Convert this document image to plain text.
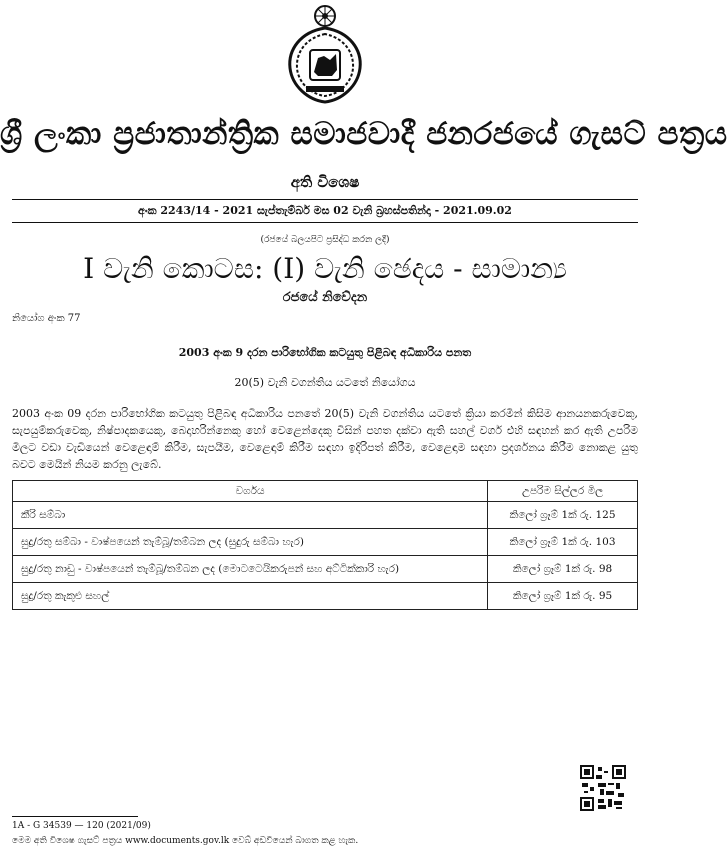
ශ්‍රී ලංකා ප්‍රජාතාන්ත්‍රික සමාජවාදී ජනරජයේ ගැසට් පත්‍රය
අති විශෙෂ
අංක 2243/14 - 2021 සැප්තැම්බර් මස 02 වැනි බ්‍රහස්පතින්දා - 2021.09.02
(රජයේ බලයපිට ප්‍රසිද්ධ කරන ලදී)
I වැනි කොටස: (I) වැනි ඡෙදය - සාමාන්‍ය
රජයේ නිවේදන
නියෝග අංක 77
2003 අංක 9 දරන පාරිභෝගික කටයුතු පිළිබඳ අධිකාරිය පනත
20(5) වැනි වගන්තිය යටතේ නියෝගය
2003 අංක 09 දරන පාරිභෝගික කටයුතු පිළිබඳ අධිකාරිය පනතේ 20(5) වැනි වගන්තිය යටතේ ක්‍රියා කරමින් කිසිම ආනයනකරුවෙකු, සැපයුම්කරුවෙකු, නිෂ්පාදකයෙකු, බෙදාහරින්නෙකු හෝ වෙළෙන්දෙකු විසින් පහත දක්වා ඇති සහල් වර්ග එහි සඳහන් කර ඇති උපරිම මිලට වඩා වැඩියෙන් වෙළෙඳාම් කිරීම, සැපයීම, වෙළෙඳාම් කිරීම සඳහා ඉදිරිපත් කිරීම, වෙළෙඳාම සඳහා ප්‍රදර්ශනය කිරීම නොකළ යුතු බවට මෙයින් නියම කරනු ලැබේ.
වර්ගය	උපරිම සිල්ලර මිල
කීරි සම්බා	කිලෝ ග්‍රෑම් 1ක් රු. 125
සුදු/රතු සම්බා - වාෂ්පයෙන් තැම්බූ/තම්බන ලද (සුදුරු සම්බා හැර)	කිලෝ ග්‍රෑම් 1ක් රු. 103
සුදු/රතු නාඩු - වාෂ්පයෙන් තැම්බූ/තම්බන ලද (මොටටෙයිකරුපන් සහ අට්ටික්කාරි හැර)	කිලෝ ග්‍රෑම් 1ක් රු. 98
සුදු/රතු කැකුළු සහල්	කිලෝ ග්‍රෑම් 1ක් රු. 95
1A - G 34539 — 120 (2021/09)
මෙම අති විශෙෂ ගැසට් පත්‍රය www.documents.gov.lk වෙබ් අඩවියෙන් බාගත කළ හැක.
